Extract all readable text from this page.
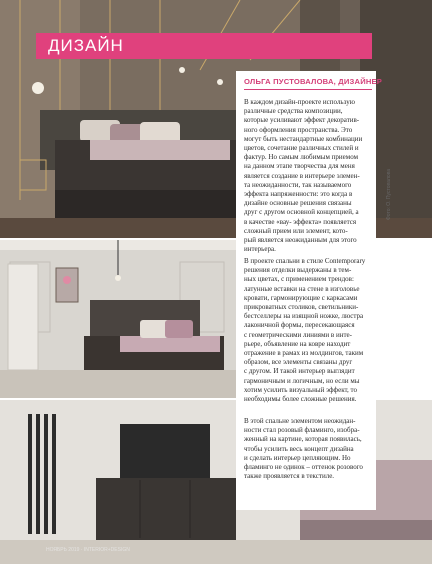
ДИЗАЙН
ОЛЬГА ПУСТОВАЛОВА, ДИЗАЙНЕР

В каждом дизайн-проекте использую
различные средства композиции,
которые усиливают эффект декоратив-
ного оформления пространства. Это
могут быть нестандартные комбинации
цветов, сочетание различных стилей и
фактур. Но самым любимым приемом
на данном этапе творчества для меня
является создание в интерьере элемен-
та неожиданности, так называемого
эффекта напряженности: это когда в
дизайне основные решения связаны
друг с другом основной концепцией, а
в качестве «вау- эффекта» появляется
сложный прием или элемент, кото-
рый является неожиданным для этого
интерьера.

В проекте спальни в стиле Contemporary
решения отделки выдержаны в тем-
ных цветах, с применением трендов:
латунные вставки на стене в изголовье
кровати, гармонирующие с каркасами
прикроватных столиков, светильники-
бестселлеры на изящной ножке, люстра
лаконичной формы, пересекающаяся
с геометрическими линиями в инте-
рьере, объявление на ковре находит
отражение в рамах из молдингов, таким
образом, все элементы связаны друг
с другом. И такой интерьер выглядит
гармоничным и логичным, но если мы
хотим усилить визуальный эффект, то
необходимы более сложные решения.

В этой спальне элементом неожидан-
ности стал розовый фламинго, изобра-
женный на картине, которая появилась,
чтобы усилить весь концепт дизайна
и сделать интерьер цепляющим. Но
фламинго не одинок – оттенок розового
также проявляется в текстиле.

Фото: О. Пустовалова
НОЯБРЬ 2019 · INTERIOR+DESIGN
